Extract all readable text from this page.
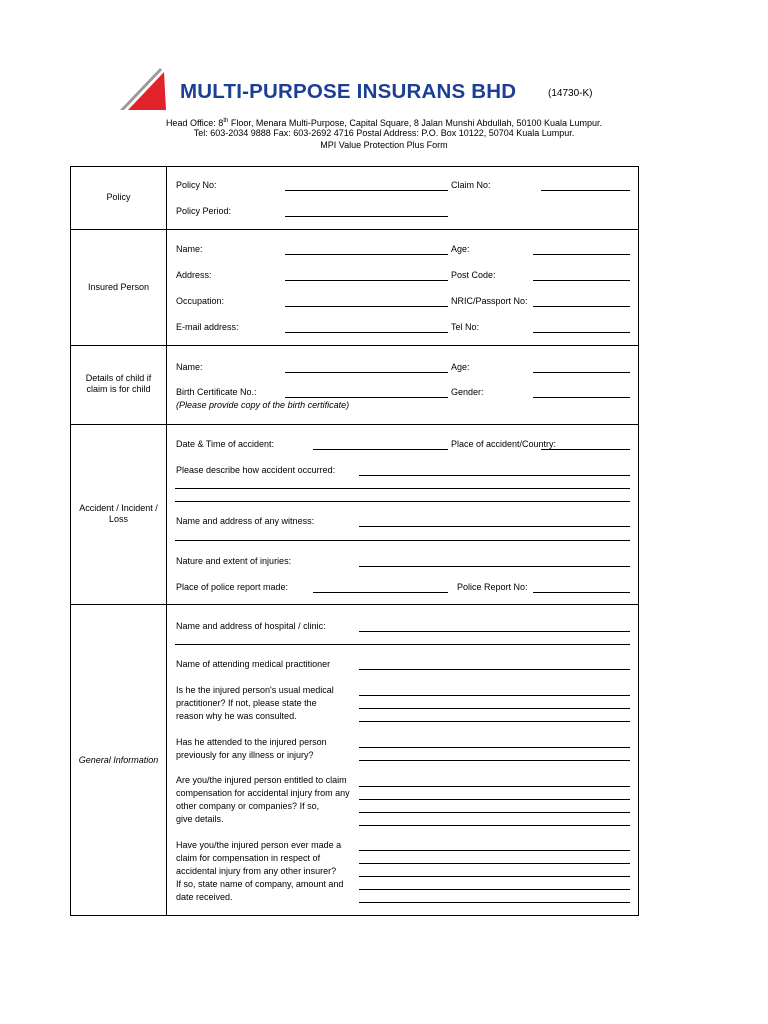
MULTI-PURPOSE INSURANS BHD	(14730-K)
Head Office: 8th Floor, Menara Multi-Purpose, Capital Square, 8 Jalan Munshi Abdullah, 50100 Kuala Lumpur.
Tel: 603-2034 9888 Fax: 603-2692 4716 Postal Address: P.O. Box 10122, 50704 Kuala Lumpur.
MPI Value Protection Plus Form
Policy
Policy No:	Claim No:
Policy Period:
Insured Person
Name:	Age:
Address:	Post Code:
Occupation:	NRIC/Passport No:
E-mail address:	Tel No:
Details of child if
claim is for child
Name:	Age:
Birth Certificate No.:	Gender:
(Please provide copy of the birth certificate)
Accident / Incident /
Loss
Date & Time of accident:	Place of accident/Country:
Please describe how accident occurred:
Name and address of any witness:
Nature and extent of injuries:
Place of police report made:	Police Report No:
General Information
Name and address of hospital / clinic:
Name of attending medical practitioner
Is he the injured person's usual medical
practitioner? If not, please state the
reason why he was consulted.
Has he attended to the injured person
previously for any illness or injury?
Are you/the injured person entitled to claim
compensation for accidental injury from any
other company or companies? If so,
give details.
Have you/the injured person ever made a
claim for compensation in respect of
accidental injury from any other insurer?
If so, state name of company, amount and
date received.
